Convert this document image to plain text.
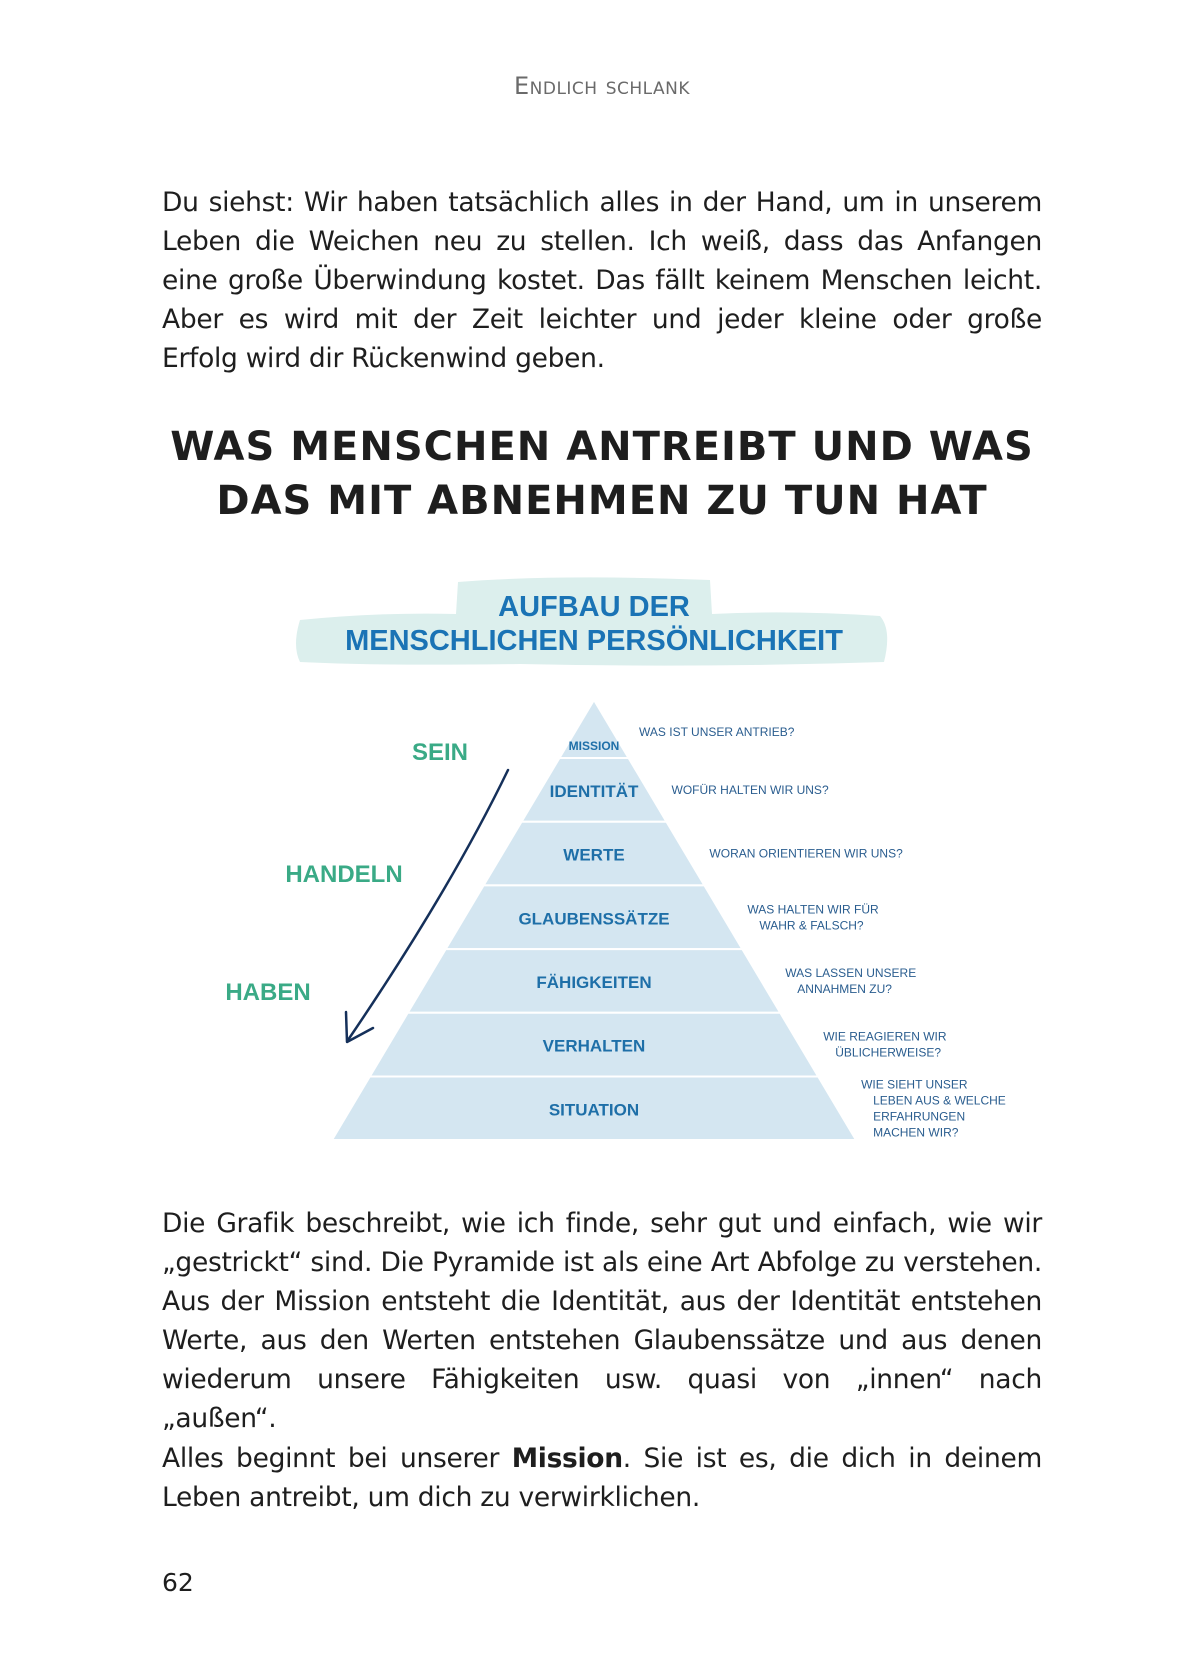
Endlich schlank

Du siehst: Wir haben tatsächlich alles in der Hand, um in unserem Leben die Weichen neu zu stellen. Ich weiß, dass das Anfangen eine große Überwindung kostet. Das fällt keinem Menschen leicht. Aber es wird mit der Zeit leichter und jeder kleine oder große Erfolg wird dir Rückenwind geben.

WAS MENSCHEN ANTREIBT UND WAS
DAS MIT ABNEHMEN ZU TUN HAT
AUFBAU DER
MENSCHLICHEN PERSÖNLICHKEIT
MISSION
IDENTITÄT
WERTE
GLAUBENSSÄTZE
FÄHIGKEITEN
VERHALTEN
SITUATION
WAS IST UNSER ANTRIEB?
WOFÜR HALTEN WIR UNS?
WORAN ORIENTIEREN WIR UNS?
WAS HALTEN WIR FÜR
WAHR & FALSCH?
WAS LASSEN UNSERE
ANNAHMEN ZU?
WIE REAGIEREN WIR
ÜBLICHERWEISE?
WIE SIEHT UNSER
LEBEN AUS & WELCHE
ERFAHRUNGEN
MACHEN WIR?
SEIN
HANDELN
HABEN

Die Grafik beschreibt, wie ich finde, sehr gut und einfach, wie wir „gestrickt“ sind. Die Pyramide ist als eine Art Abfolge zu verstehen. Aus der Mission entsteht die Identität, aus der Identität entstehen Werte, aus den Werten entstehen Glaubenssätze und aus denen wiederum unsere Fähigkeiten usw. quasi von „innen“ nach „außen“.

Alles beginnt bei unserer Mission. Sie ist es, die dich in deinem Leben antreibt, um dich zu verwirklichen.

62
